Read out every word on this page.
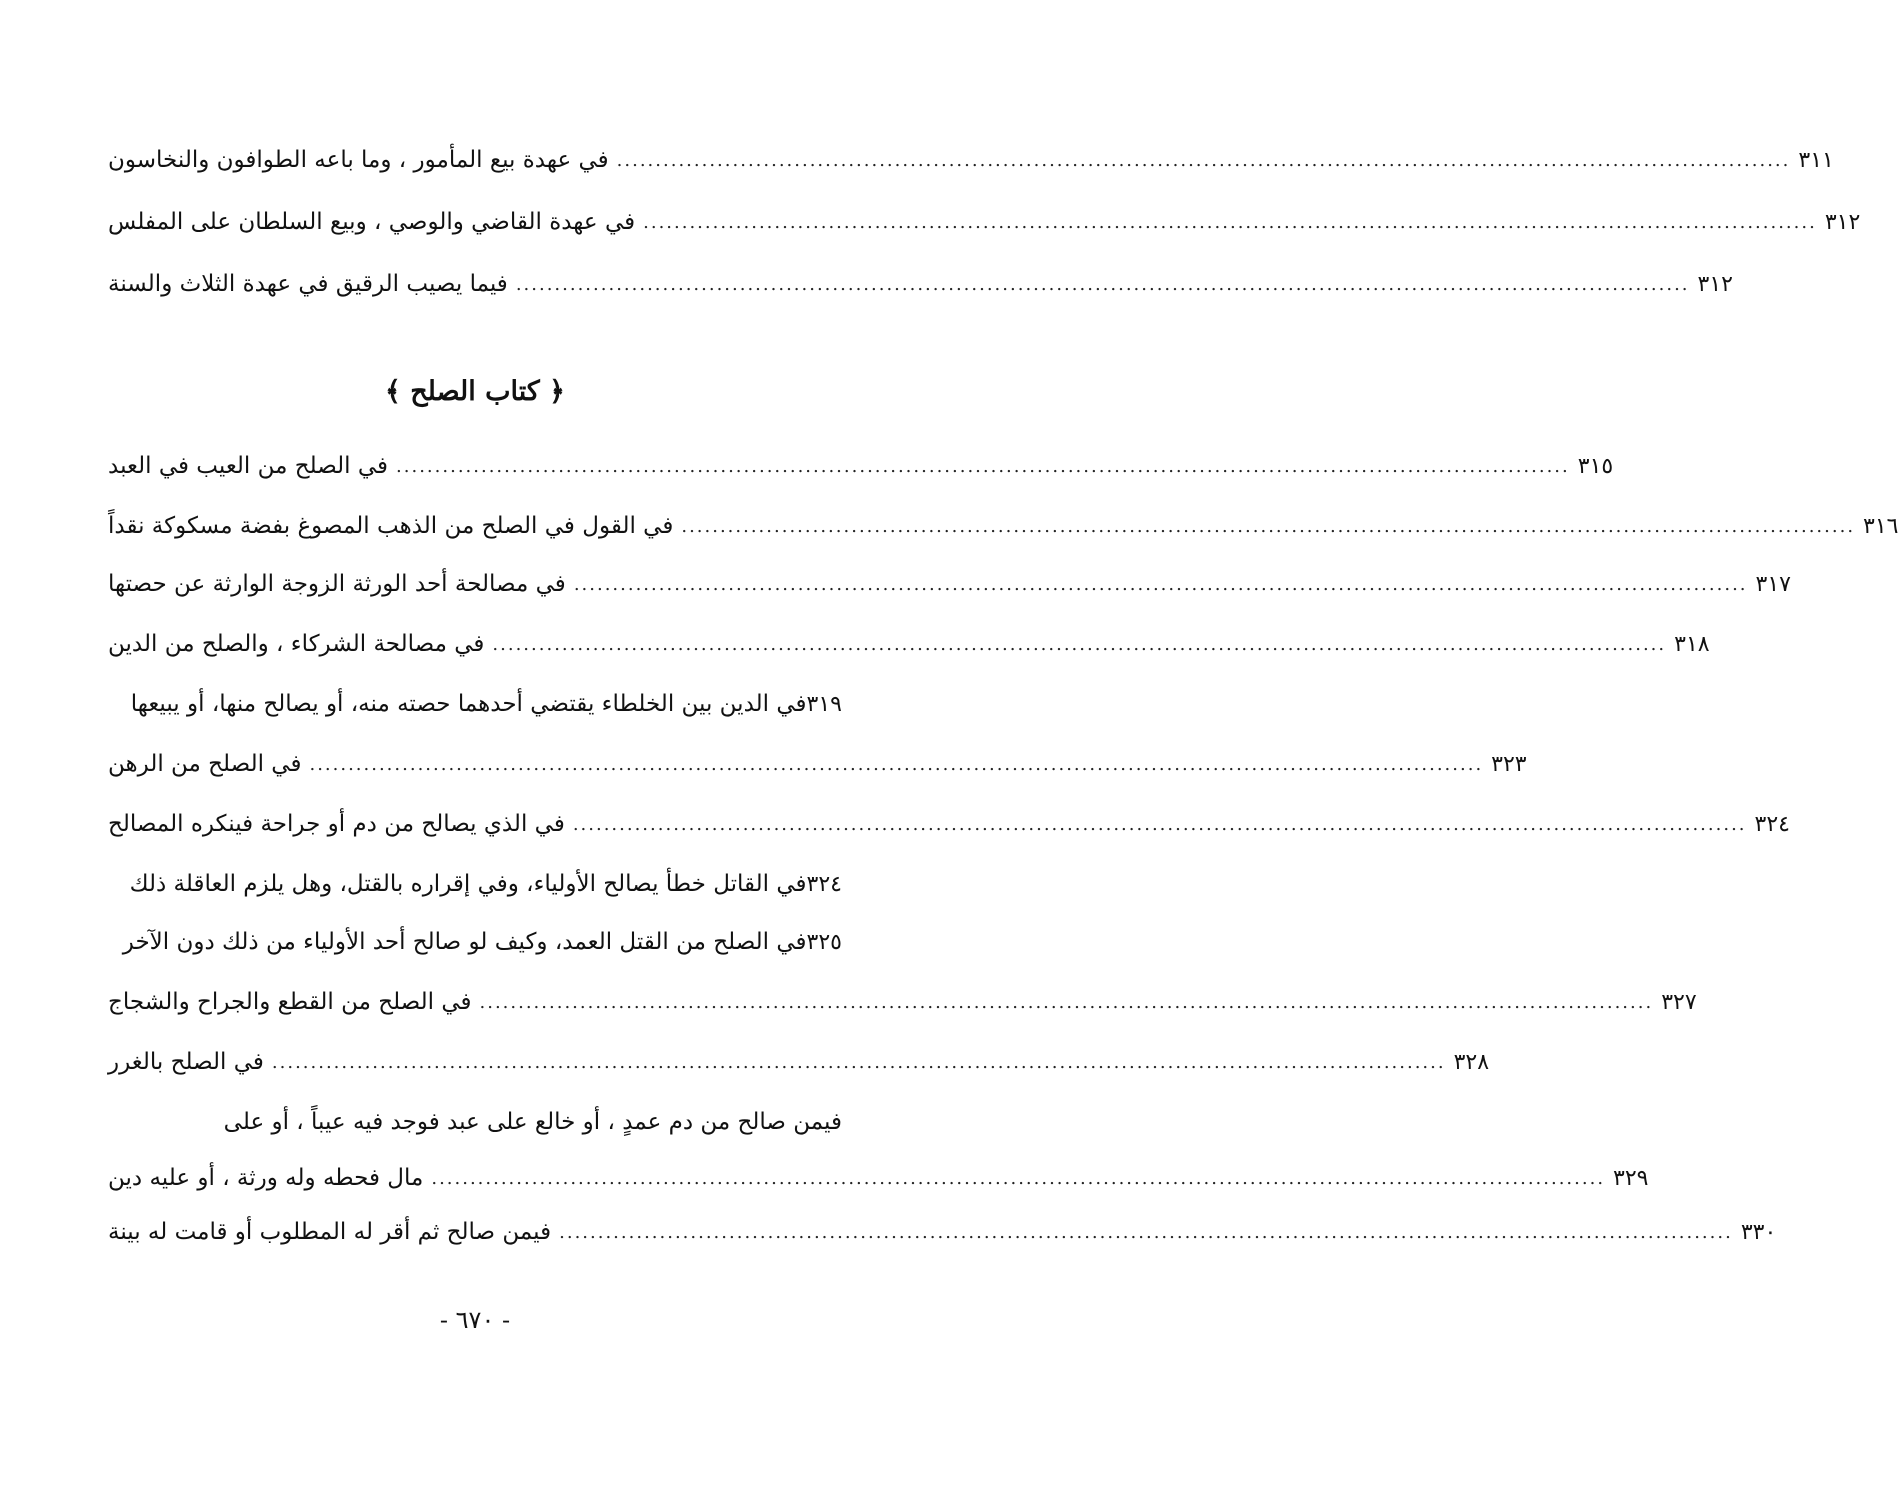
في عهدة بيع المأمور ، وما باعه الطوافون والنخاسون .....	٣١١
في عهدة القاضي والوصي ، وبيع السلطان على المفلس .....	٣١٢
فيما يصيب الرقيق في عهدة الثلاث والسنة .....	٣١٢
﴿ كتاب الصلح ﴾
في الصلح من العيب في العبد .....	٣١٥
في القول في الصلح من الذهب المصوغ بفضة مسكوكة نقداً .....	٣١٦
في مصالحة أحد الورثة الزوجة الوارثة عن حصتها .....	٣١٧
في مصالحة الشركاء ، والصلح من الدين .....	٣١٨
في الدين بين الخلطاء يقتضي أحدهما حصته منه، أو يصالح منها، أو يبيعها ٣١٩
في الصلح من الرهن .....	٣٢٣
في الذي يصالح من دم أو جراحة فينكره المصالح .....	٣٢٤
في القاتل خطأ يصالح الأولياء، وفي إقراره بالقتل، وهل يلزم العاقلة ذلك ٣٢٤
في الصلح من القتل العمد، وكيف لو صالح أحد الأولياء من ذلك دون الآخر ٣٢٥
في الصلح من القطع والجراح والشجاج .....	٣٢٧
في الصلح بالغرر .....	٣٢٨
فيمن صالح من دم عمدٍ ، أو خالع على عبد فوجد فيه عيباً ، أو على
مال فحطه وله ورثة ، أو عليه دين .....	٣٢٩
فيمن صالح ثم أقر له المطلوب أو قامت له بينة .....	٣٣٠
- ٦٧٠ -
